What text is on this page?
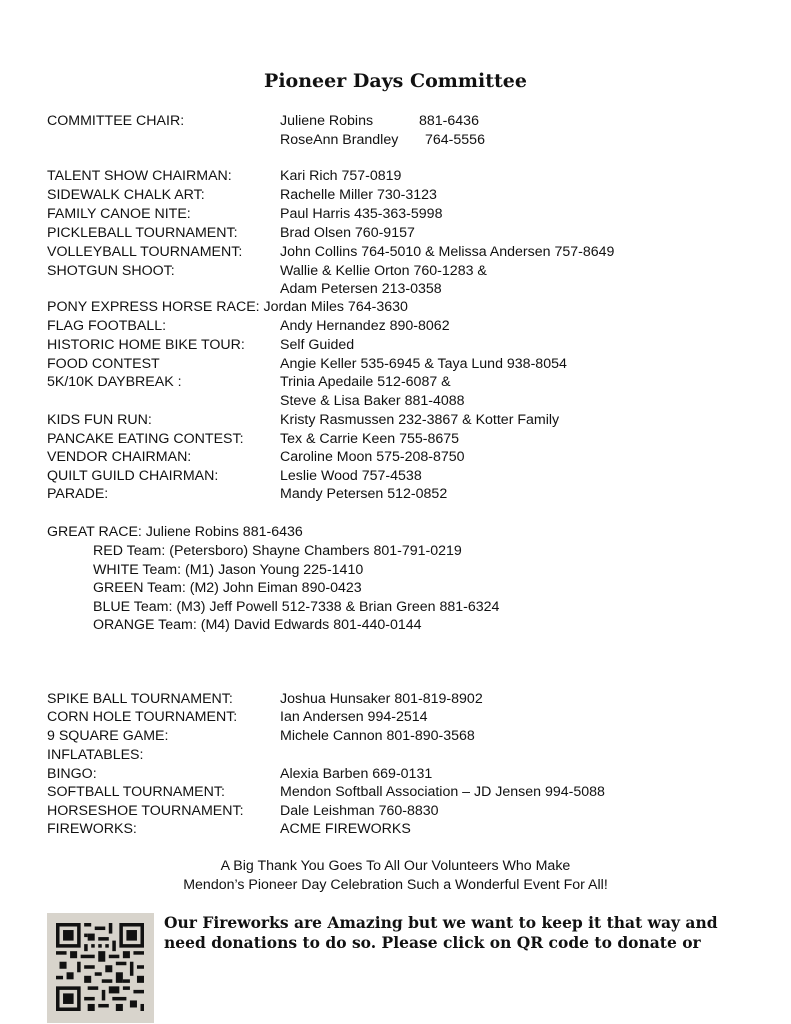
Pioneer Days Committee
COMMITTEE CHAIR:	Juliene Robins	881-6436
RoseAnn Brandley 764-5556
TALENT SHOW CHAIRMAN:	Kari Rich 757-0819
SIDEWALK CHALK ART:	Rachelle Miller 730-3123
FAMILY CANOE NITE:	Paul Harris 435-363-5998
PICKLEBALL TOURNAMENT:	Brad Olsen 760-9157
VOLLEYBALL TOURNAMENT:	John Collins 764-5010 & Melissa Andersen 757-8649
SHOTGUN SHOOT:	Wallie & Kellie Orton 760-1283 &
Adam Petersen 213-0358
PONY EXPRESS HORSE RACE: Jordan Miles 764-3630
FLAG FOOTBALL:	Andy Hernandez 890-8062
HISTORIC HOME BIKE TOUR: Self Guided
FOOD CONTEST	Angie Keller 535-6945 & Taya Lund 938-8054
5K/10K DAYBREAK :	Trinia Apedaile 512-6087 &
Steve & Lisa Baker 881-4088
KIDS FUN RUN:	Kristy Rasmussen 232-3867 & Kotter Family
PANCAKE EATING CONTEST:	Tex & Carrie Keen 755-8675
VENDOR CHAIRMAN:	Caroline Moon 575-208-8750
QUILT GUILD CHAIRMAN:	Leslie Wood 757-4538
PARADE:	Mandy Petersen 512-0852
GREAT RACE: Juliene Robins 881-6436
RED Team: (Petersboro) Shayne Chambers 801-791-0219
WHITE Team: (M1) Jason Young 225-1410
GREEN Team: (M2) John Eiman 890-0423
BLUE Team: (M3) Jeff Powell 512-7338 & Brian Green 881-6324
ORANGE Team: (M4) David Edwards 801-440-0144
SPIKE BALL TOURNAMENT:	Joshua Hunsaker 801-819-8902
CORN HOLE TOURNAMENT:	Ian Andersen 994-2514
9 SQUARE GAME:	Michele Cannon 801-890-3568
INFLATABLES:
BINGO:	Alexia Barben 669-0131
SOFTBALL TOURNAMENT:	Mendon Softball Association – JD Jensen 994-5088
HORSESHOE TOURNAMENT:	Dale Leishman 760-8830
FIREWORKS:	ACME FIREWORKS
A Big Thank You Goes To All Our Volunteers Who Make
Mendon’s Pioneer Day Celebration Such a Wonderful Event For All!
Our Fireworks are Amazing but we want to keep it that way and
need donations to do so. Please click on QR code to donate or
